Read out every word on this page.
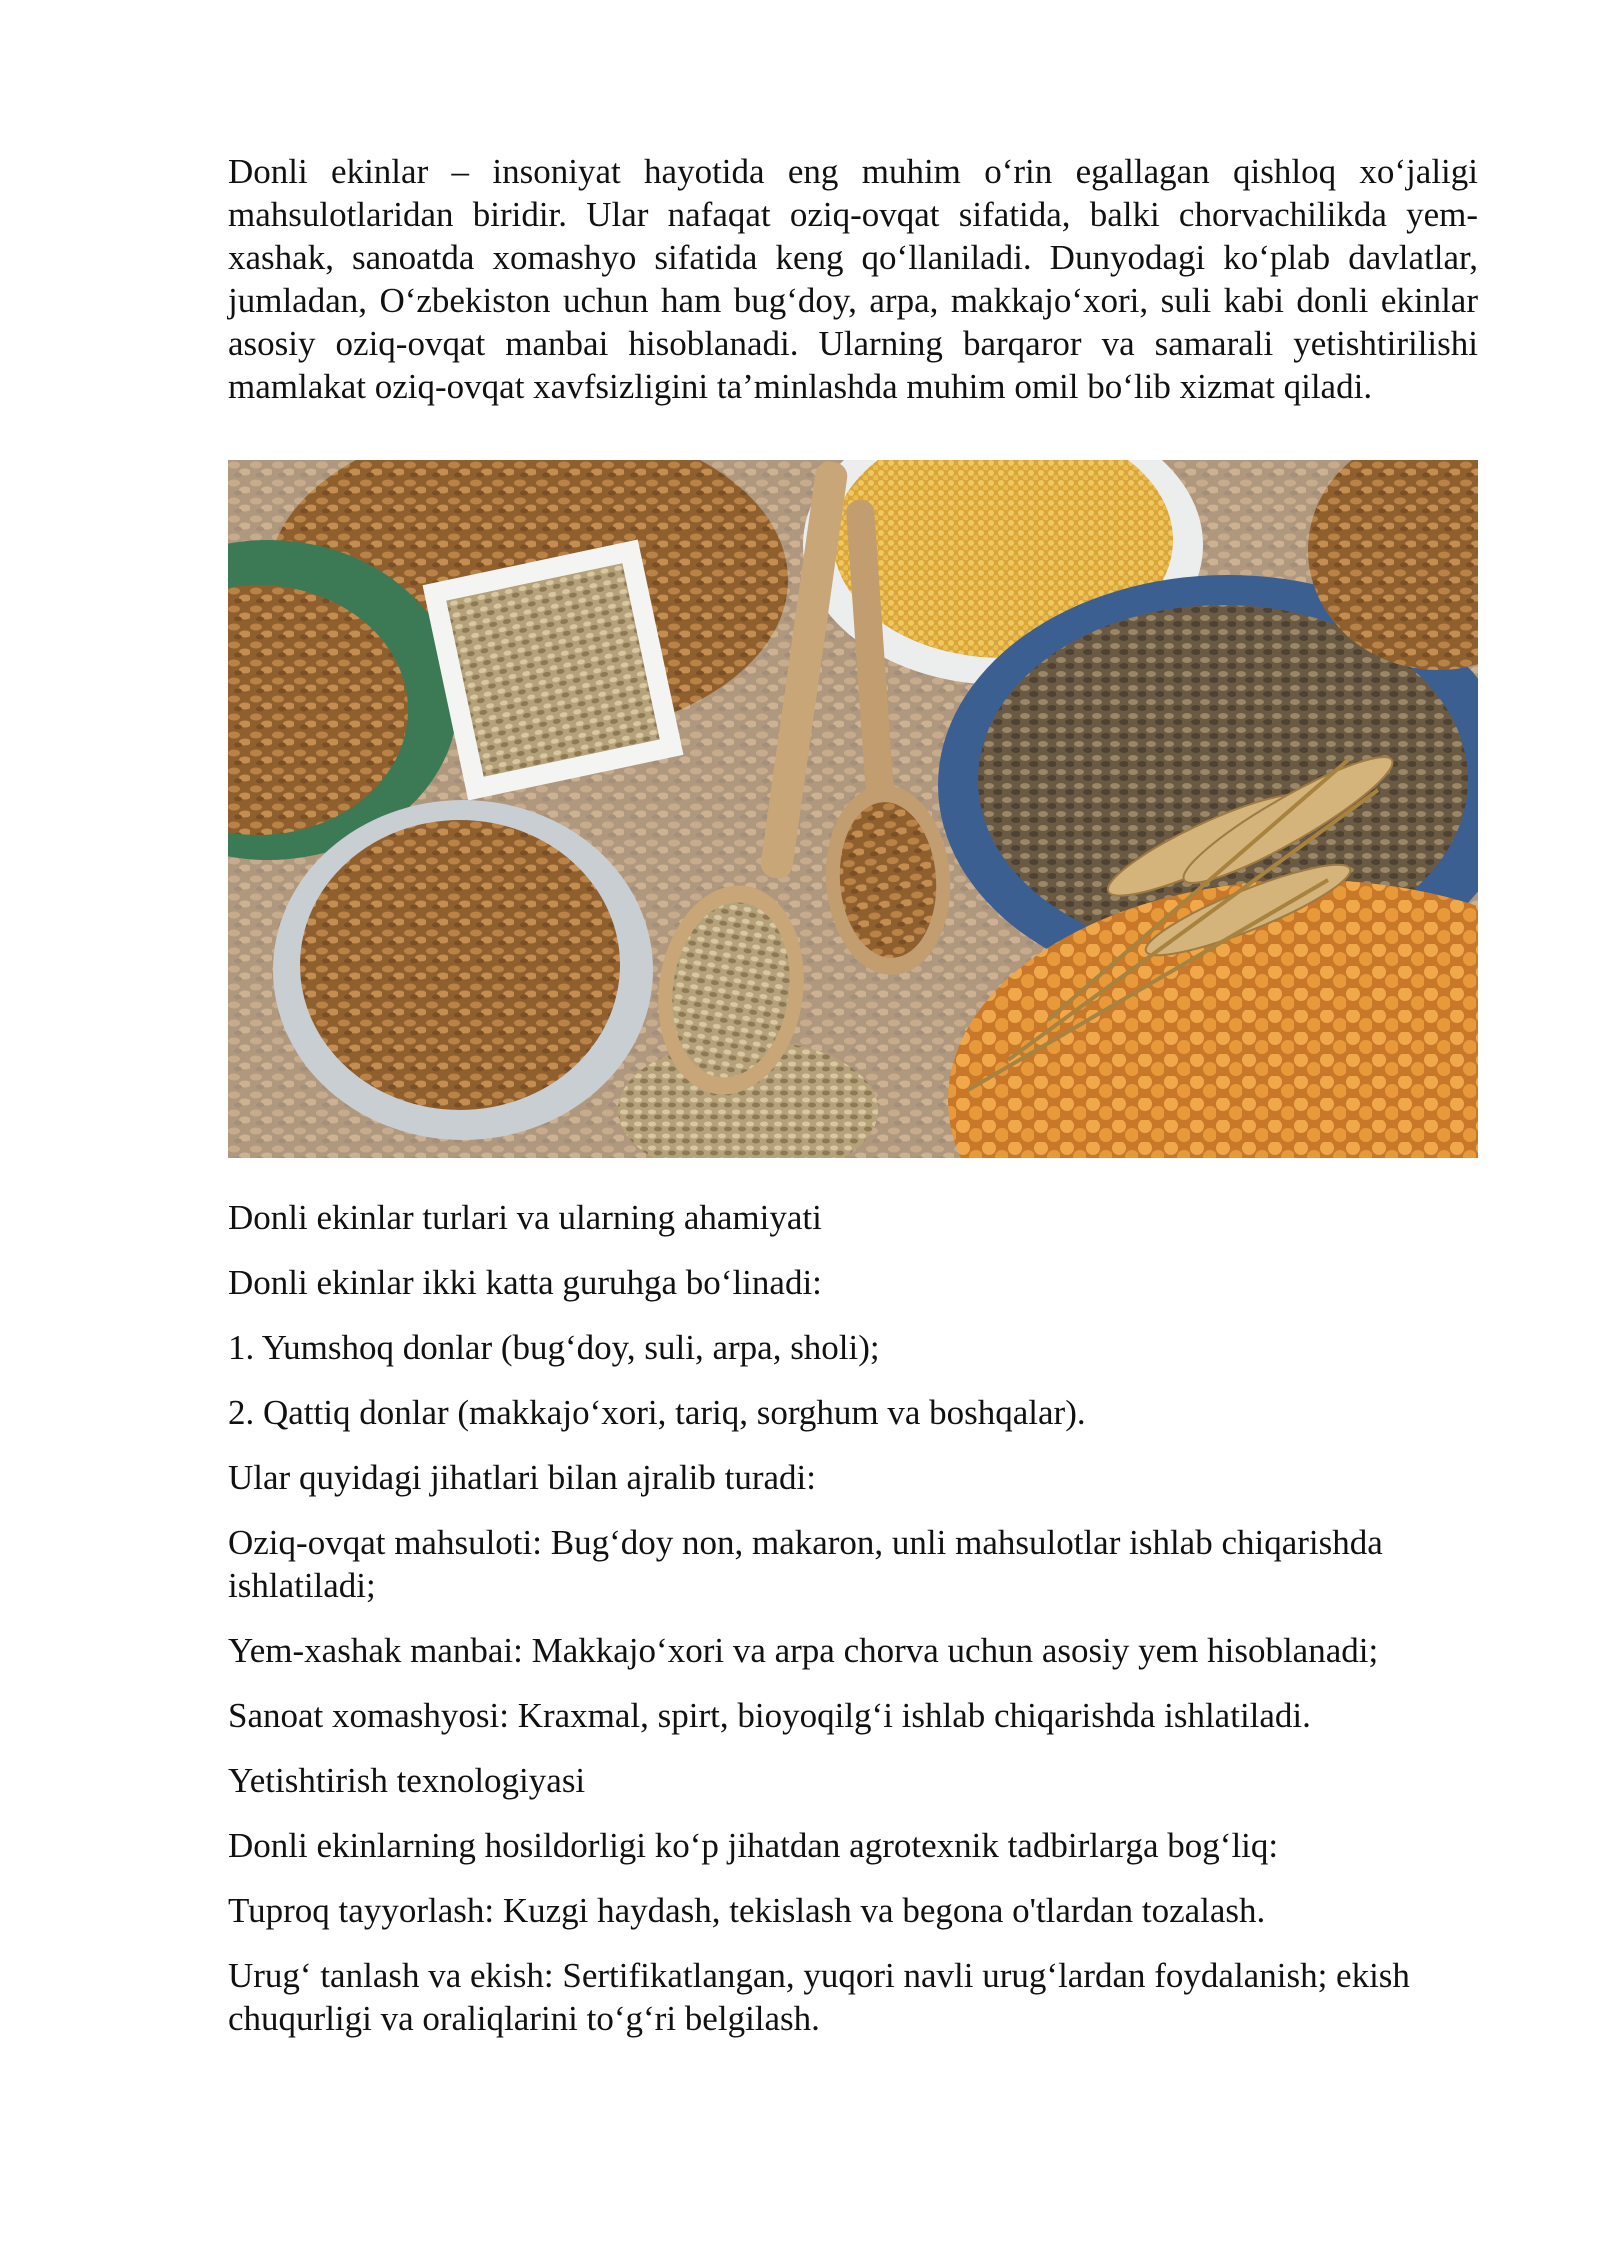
Donli ekinlar – insoniyat hayotida eng muhim o‘rin egallagan qishloq xo‘jaligi mahsulotlaridan biridir. Ular nafaqat oziq-ovqat sifatida, balki chorvachilikda yem-xashak, sanoatda xomashyo sifatida keng qo‘llaniladi. Dunyodagi ko‘plab davlatlar, jumladan, O‘zbekiston uchun ham bug‘doy, arpa, makkajo‘xori, suli kabi donli ekinlar asosiy oziq-ovqat manbai hisoblanadi. Ularning barqaror va samarali yetishtirilishi mamlakat oziq-ovqat xavfsizligini ta’minlashda muhim omil bo‘lib xizmat qiladi.

Donli ekinlar turlari va ularning ahamiyati

Donli ekinlar ikki katta guruhga bo‘linadi:

1. Yumshoq donlar (bug‘doy, suli, arpa, sholi);

2. Qattiq donlar (makkajo‘xori, tariq, sorghum va boshqalar).

Ular quyidagi jihatlari bilan ajralib turadi:

Oziq-ovqat mahsuloti: Bug‘doy non, makaron, unli mahsulotlar ishlab chiqarishda ishlatiladi;

Yem-xashak manbai: Makkajo‘xori va arpa chorva uchun asosiy yem hisoblanadi;

Sanoat xomashyosi: Kraxmal, spirt, bioyoqilg‘i ishlab chiqarishda ishlatiladi.

Yetishtirish texnologiyasi

Donli ekinlarning hosildorligi ko‘p jihatdan agrotexnik tadbirlarga bog‘liq:

Tuproq tayyorlash: Kuzgi haydash, tekislash va begona o'tlardan tozalash.

Urug‘ tanlash va ekish: Sertifikatlangan, yuqori navli urug‘lardan foydalanish; ekish chuqurligi va oraliqlarini to‘g‘ri belgilash.
